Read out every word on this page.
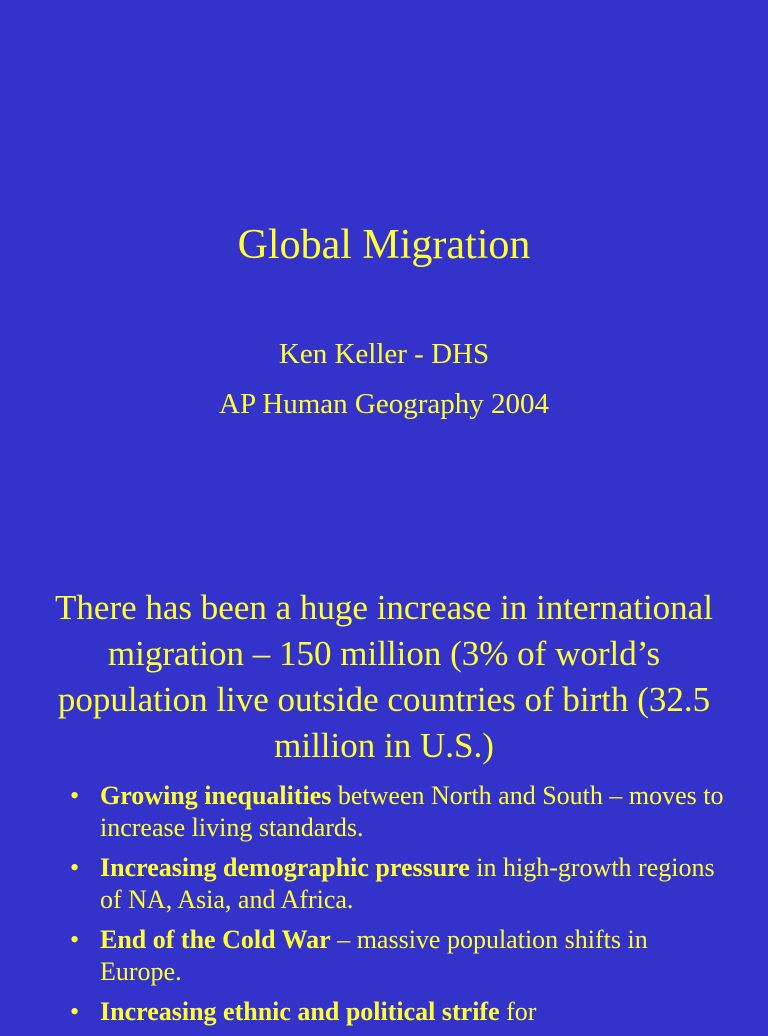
Global Migration
Ken Keller - DHS
AP Human Geography 2004
There has been a huge increase in international migration – 150 million (3% of world’s population live outside countries of birth (32.5 million in U.S.)
• Growing inequalities between North and South – moves to increase living standards.
• Increasing demographic pressure in high-growth regions of NA, Asia, and Africa.
• End of the Cold War – massive population shifts in Europe.
• Increasing ethnic and political strife for
